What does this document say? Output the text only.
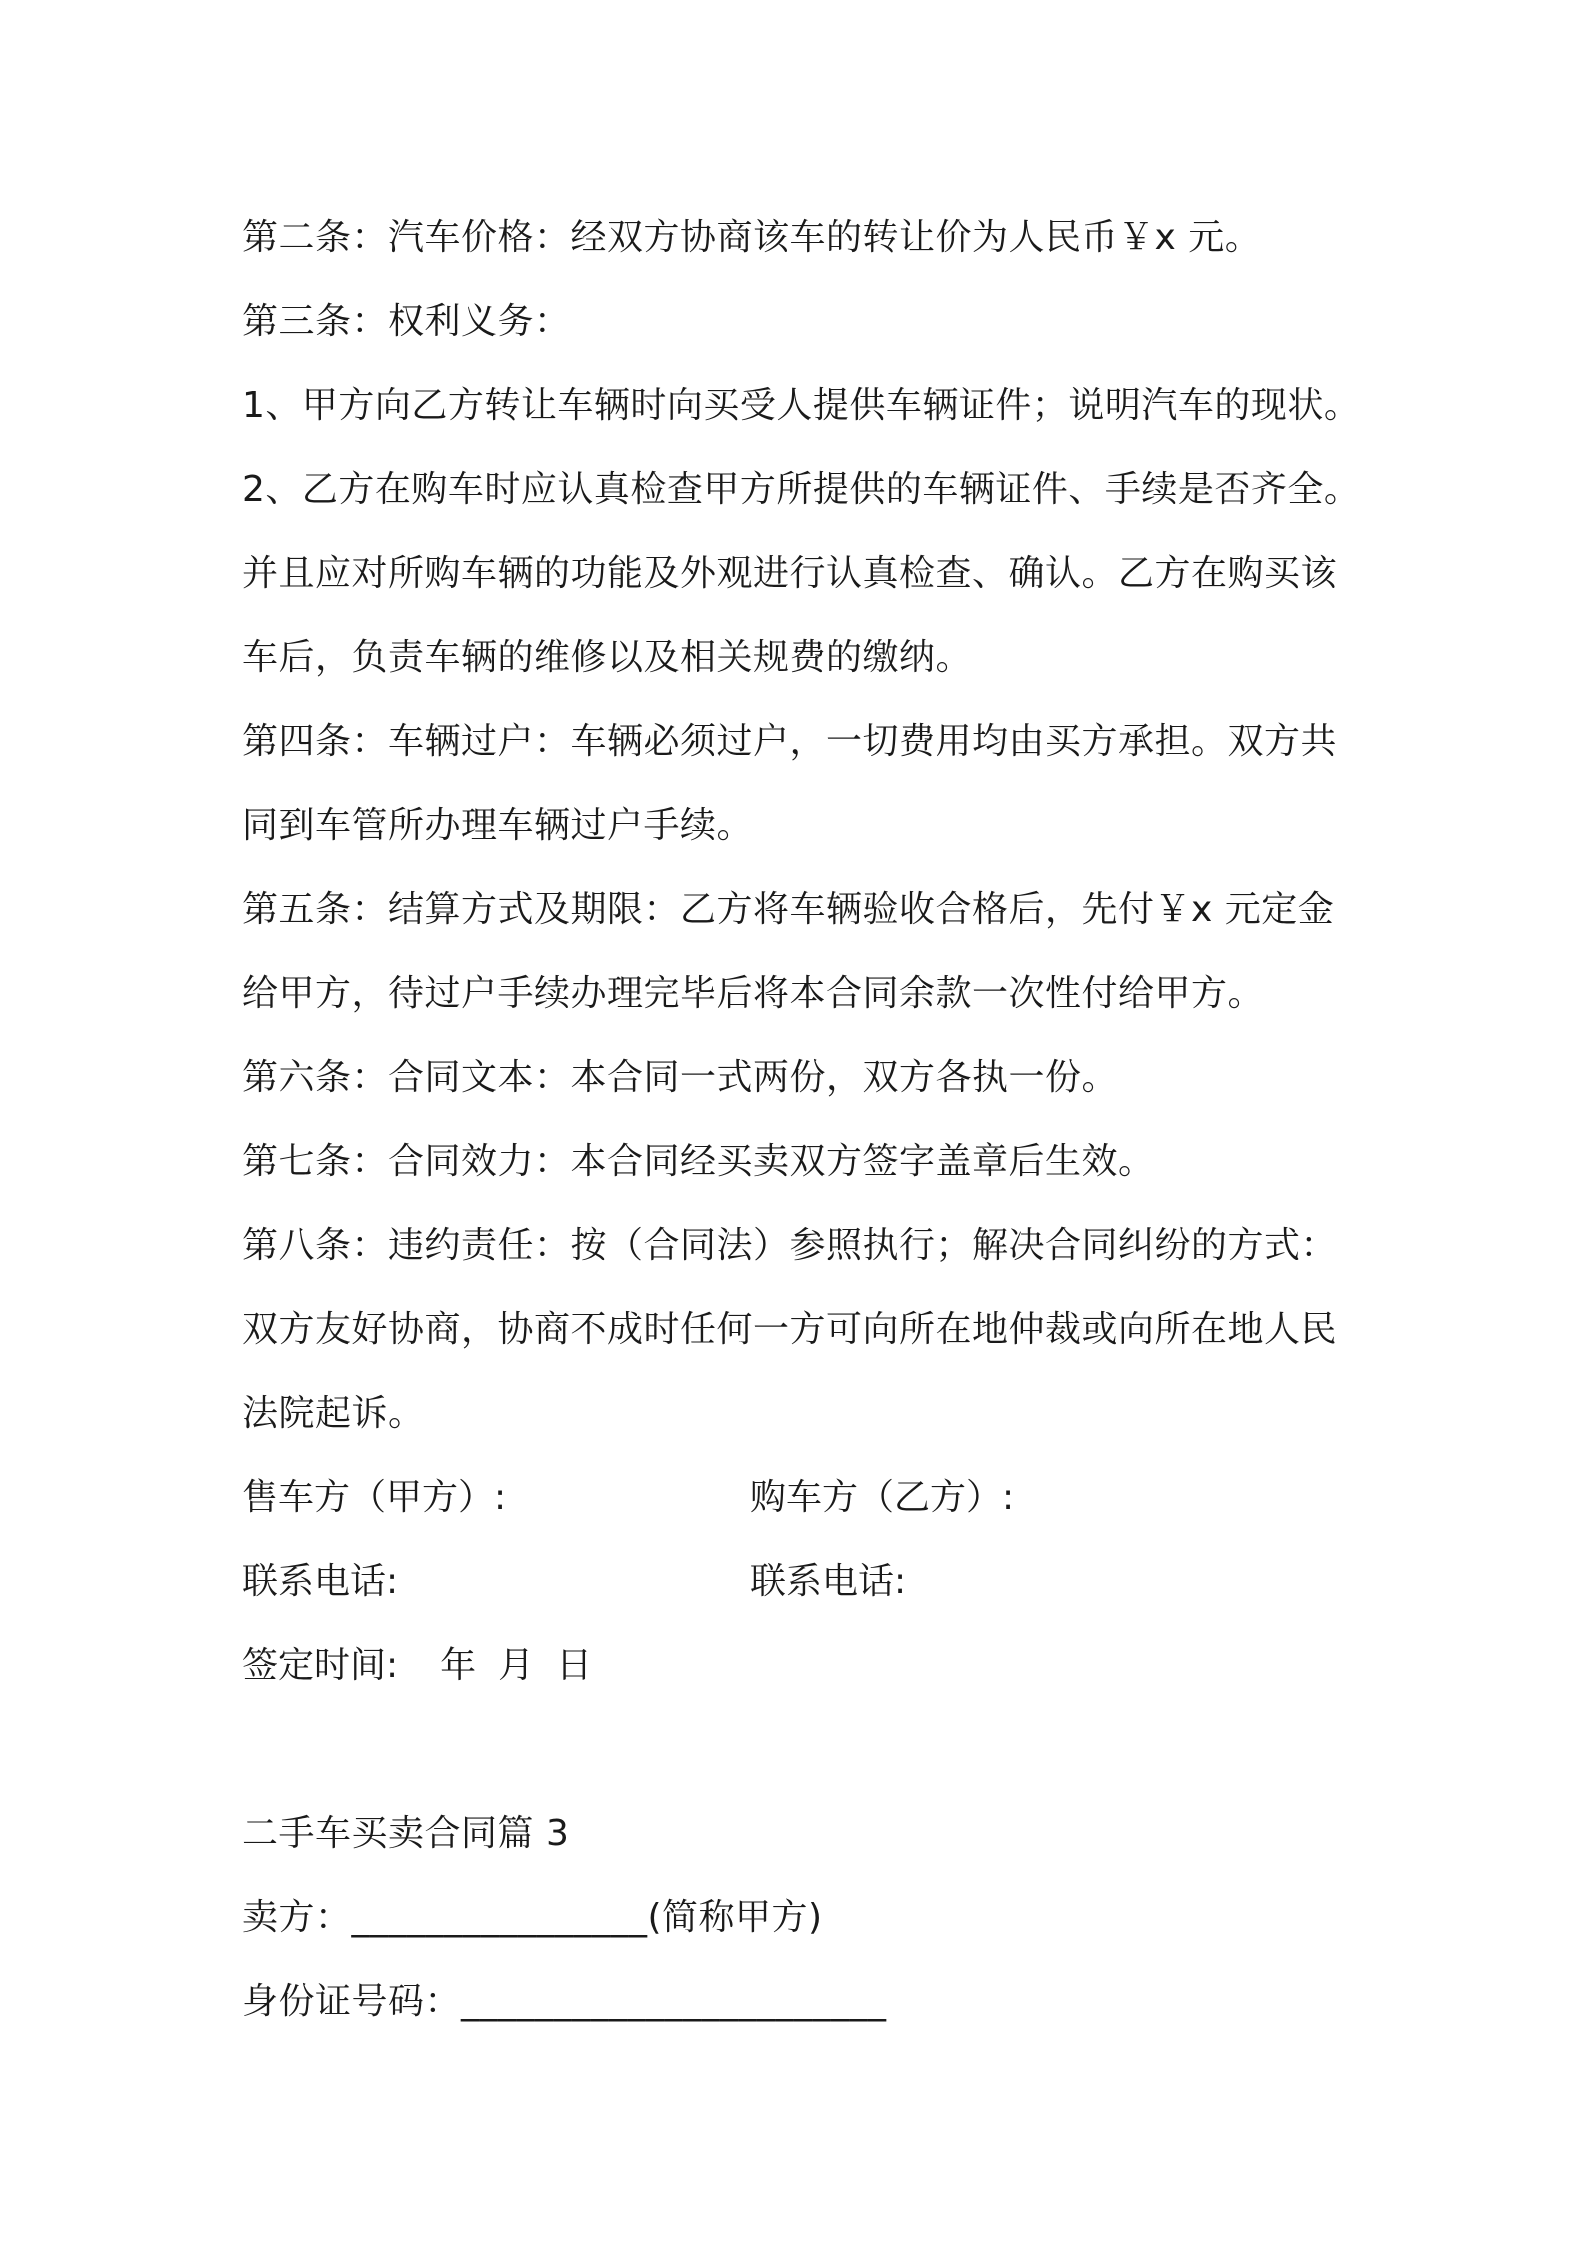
第二条：汽车价格：经双方协商该车的转让价为人民币￥x 元。
第三条：权利义务：
1、甲方向乙方转让车辆时向买受人提供车辆证件；说明汽车的现状。
2、乙方在购车时应认真检查甲方所提供的车辆证件、手续是否齐全。
并且应对所购车辆的功能及外观进行认真检查、确认。乙方在购买该
车后，负责车辆的维修以及相关规费的缴纳。
第四条：车辆过户：车辆必须过户，一切费用均由买方承担。双方共
同到车管所办理车辆过户手续。
第五条：结算方式及期限：乙方将车辆验收合格后，先付￥x 元定金
给甲方，待过户手续办理完毕后将本合同余款一次性付给甲方。
第六条：合同文本：本合同一式两份，双方各执一份。
第七条：合同效力：本合同经买卖双方签字盖章后生效。
第八条：违约责任：按（合同法）参照执行；解决合同纠纷的方式：
双方友好协商，协商不成时任何一方可向所在地仲裁或向所在地人民
法院起诉。
售车方（甲方）:	购车方（乙方）:
联系电话:	联系电话:
签定时间: 年 月 日
二手车买卖合同篇 3
卖方：________________(简称甲方)
身份证号码：_______________________
